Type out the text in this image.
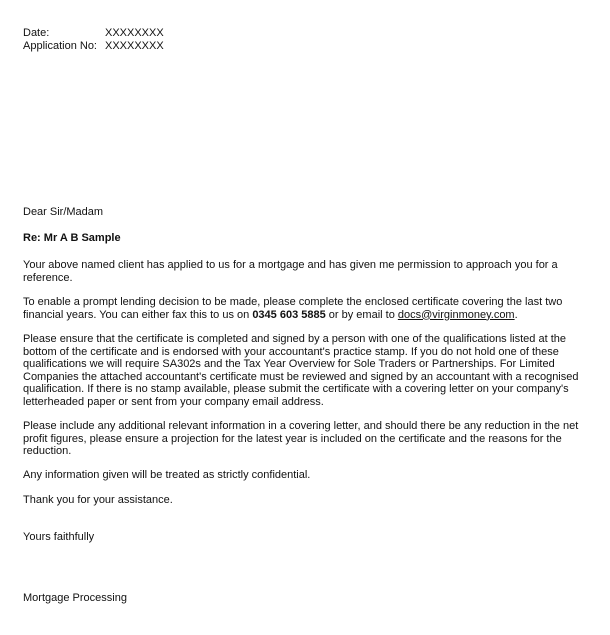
Date:	XXXXXXXX
Application No: XXXXXXXX
Dear Sir/Madam
Re: Mr A B Sample

Your above named client has applied to us for a mortgage and has given me permission to approach you for a reference.

To enable a prompt lending decision to be made, please complete the enclosed certificate covering the last two financial years. You can either fax this to us on 0345 603 5885 or by email to docs@virginmoney.com.

Please ensure that the certificate is completed and signed by a person with one of the qualifications listed at the bottom of the certificate and is endorsed with your accountant's practice stamp. If you do not hold one of these qualifications we will require SA302s and the Tax Year Overview for Sole Traders or Partnerships. For Limited Companies the attached accountant's certificate must be reviewed and signed by an accountant with a recognised qualification. If there is no stamp available, please submit the certificate with a covering letter on your company's letterheaded paper or sent from your company email address.

Please include any additional relevant information in a covering letter, and should there be any reduction in the net profit figures, please ensure a projection for the latest year is included on the certificate and the reasons for the reduction.

Any information given will be treated as strictly confidential.
Thank you for your assistance.
Yours faithfully
Mortgage Processing
